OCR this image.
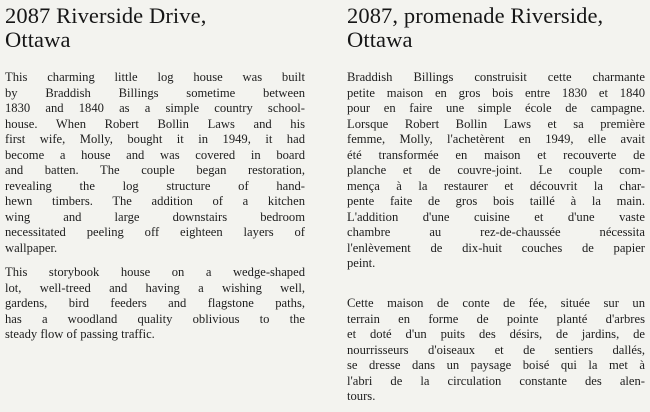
2087 Riverside Drive,
Ottawa

This charming little log house was built
by Braddish Billings sometime between
1830 and 1840 as a simple country school-
house. When Robert Bollin Laws and his
first wife, Molly, bought it in 1949, it had
become a house and was covered in board
and batten. The couple began restoration,
revealing the log structure of hand-
hewn timbers. The addition of a kitchen
wing and large downstairs bedroom
necessitated peeling off eighteen layers of
wallpaper.

This storybook house on a wedge-shaped
lot, well-treed and having a wishing well,
gardens, bird feeders and flagstone paths,
has a woodland quality oblivious to the
steady flow of passing traffic.

2087, promenade Riverside,
Ottawa

Braddish Billings construisit cette charmante
petite maison en gros bois entre 1830 et 1840
pour en faire une simple école de campagne.
Lorsque Robert Bollin Laws et sa première
femme, Molly, l'achetèrent en 1949, elle avait
été transformée en maison et recouverte de
planche et de couvre-joint. Le couple com-
mença à la restaurer et découvrit la char-
pente faite de gros bois taillé à la main.
L'addition d'une cuisine et d'une vaste
chambre au rez-de-chaussée nécessita
l'enlèvement de dix-huit couches de papier
peint.

Cette maison de conte de fée, située sur un
terrain en forme de pointe planté d'arbres
et doté d'un puits des désirs, de jardins, de
nourrisseurs d'oiseaux et de sentiers dallés,
se dresse dans un paysage boisé qui la met à
l'abri de la circulation constante des alen-
tours.
